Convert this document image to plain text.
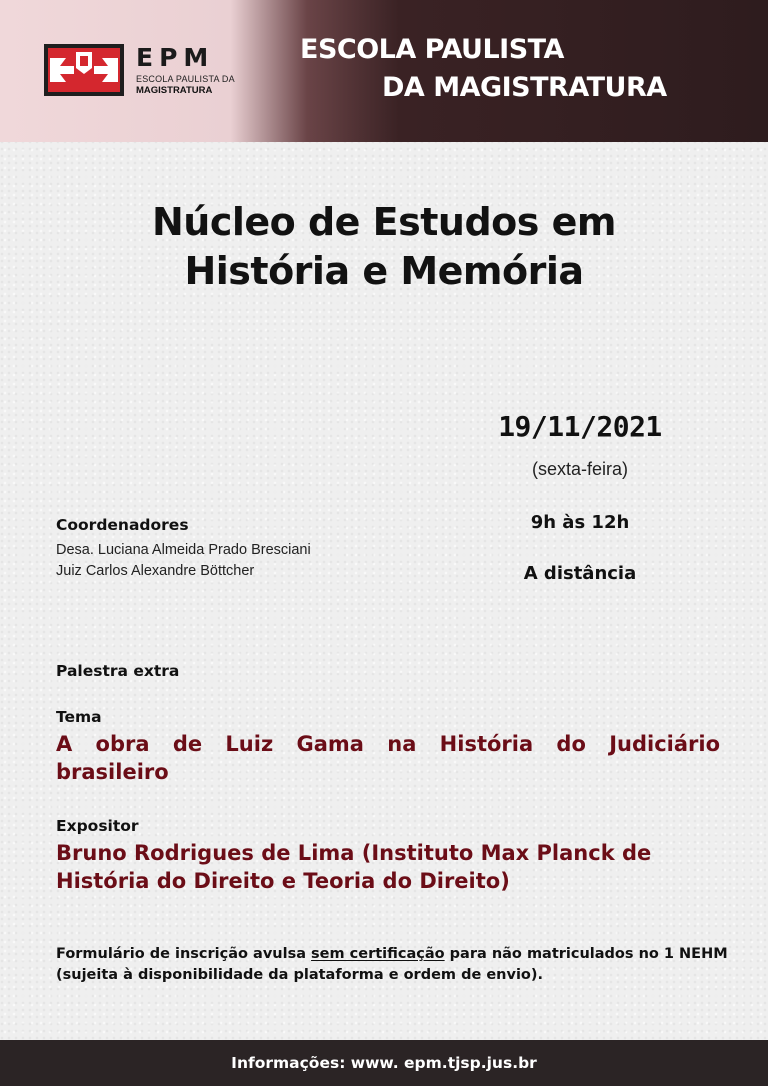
EPM
ESCOLA PAULISTA DA
MAGISTRATURA
ESCOLA PAULISTA
DA MAGISTRATURA
Núcleo de Estudos em
História e Memória
19/11/2021
(sexta-feira)
9h às 12h
A distância
Coordenadores
Desa. Luciana Almeida Prado Bresciani
Juiz Carlos Alexandre Böttcher
Palestra extra
Tema
A obra de Luiz Gama na História do Judiciário brasileiro
Expositor
Bruno Rodrigues de Lima (Instituto Max Planck de História do Direito e Teoria do Direito)
Formulário de inscrição avulsa sem certificação para não matriculados no 1 NEHM (sujeita à disponibilidade da plataforma e ordem de envio).
Informações: www. epm.tjsp.jus.br
